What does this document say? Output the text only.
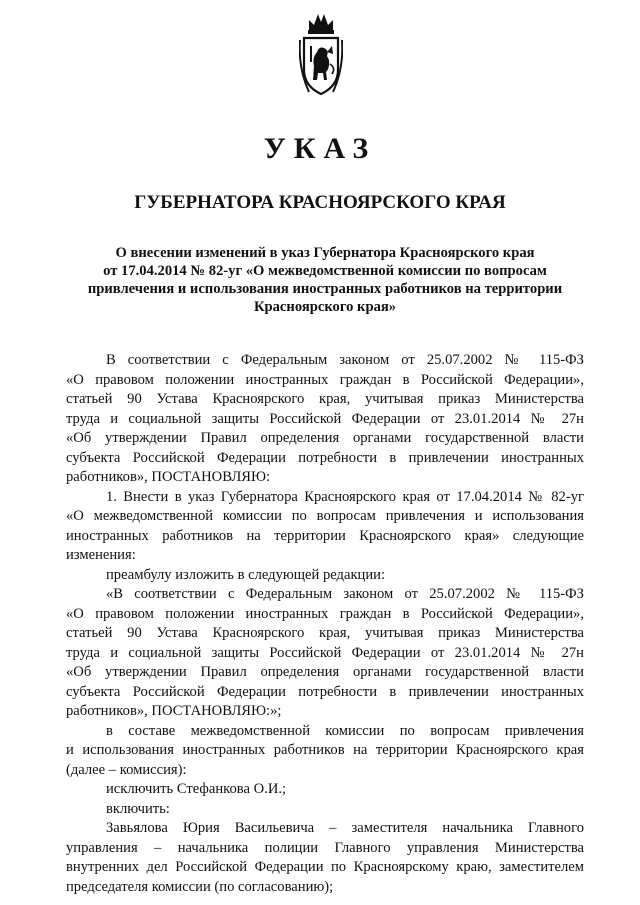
УКАЗ
ГУБЕРНАТОРА КРАСНОЯРСКОГО КРАЯ
О внесении изменений в указ Губернатора Красноярского края
от 17.04.2014 № 82-уг «О межведомственной комиссии по вопросам
привлечения и использования иностранных работников на территории
Красноярского края»

В соответствии с Федеральным законом от 25.07.2002 № 115-ФЗ
«О правовом положении иностранных граждан в Российской Федерации»,
статьей 90 Устава Красноярского края, учитывая приказ Министерства
труда и социальной защиты Российской Федерации от 23.01.2014 № 27н
«Об утверждении Правил определения органами государственной власти
субъекта Российской Федерации потребности в привлечении иностранных
работников», ПОСТАНОВЛЯЮ:

1. Внести в указ Губернатора Красноярского края от 17.04.2014 № 82-уг
«О межведомственной комиссии по вопросам привлечения и использования
иностранных работников на территории Красноярского края» следующие
изменения:

преамбулу изложить в следующей редакции:

«В соответствии с Федеральным законом от 25.07.2002 № 115-ФЗ
«О правовом положении иностранных граждан в Российской Федерации»,
статьей 90 Устава Красноярского края, учитывая приказ Министерства
труда и социальной защиты Российской Федерации от 23.01.2014 № 27н
«Об утверждении Правил определения органами государственной власти
субъекта Российской Федерации потребности в привлечении иностранных
работников», ПОСТАНОВЛЯЮ:»;

в составе межведомственной комиссии по вопросам привлечения
и использования иностранных работников на территории Красноярского края
(далее – комиссия):

исключить Стефанкова О.И.;

включить:

Завьялова Юрия Васильевича – заместителя начальника Главного
управления – начальника полиции Главного управления Министерства
внутренних дел Российской Федерации по Красноярскому краю, заместителем
председателя комиссии (по согласованию);
